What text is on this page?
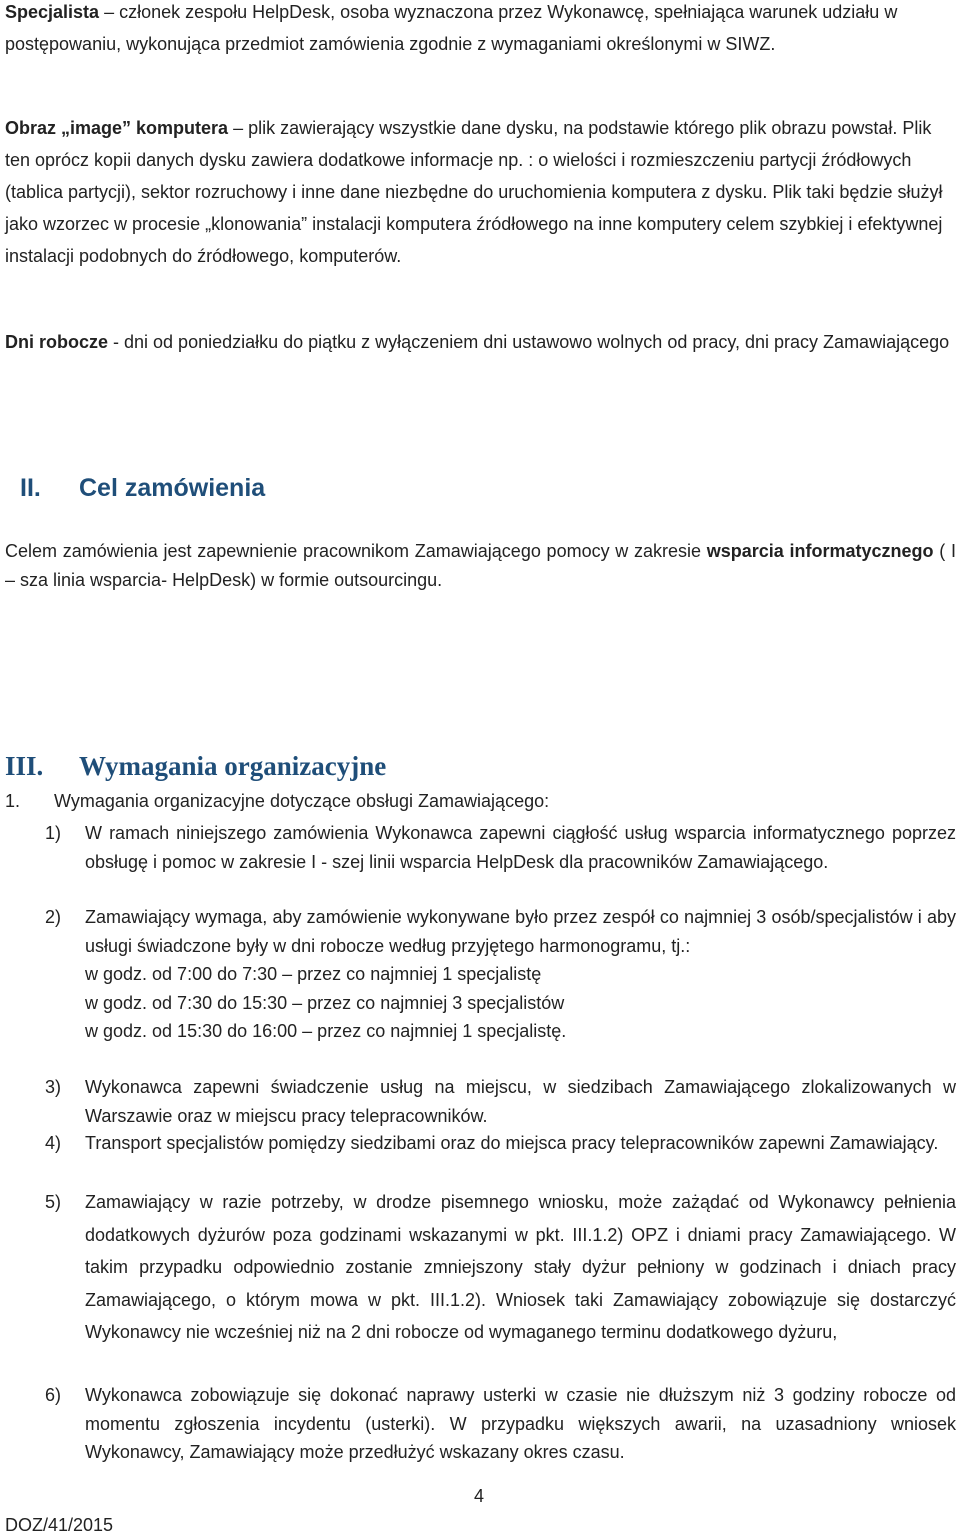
Specjalista – członek zespołu HelpDesk, osoba wyznaczona przez Wykonawcę, spełniająca warunek udziału w postępowaniu, wykonująca przedmiot zamówienia zgodnie z wymaganiami określonymi w SIWZ.
Obraz „image” komputera – plik zawierający wszystkie dane dysku, na podstawie którego plik obrazu powstał. Plik ten oprócz kopii danych dysku zawiera dodatkowe informacje np. : o wielości i rozmieszczeniu partycji źródłowych (tablica partycji), sektor rozruchowy i inne dane niezbędne do uruchomienia komputera z dysku. Plik taki będzie służył jako wzorzec w procesie „klonowania” instalacji komputera źródłowego na inne komputery celem szybkiej i efektywnej instalacji podobnych do źródłowego, komputerów.
Dni robocze - dni od poniedziałku do piątku z wyłączeniem dni ustawowo wolnych od pracy, dni pracy Zamawiającego
II. Cel zamówienia
Celem zamówienia jest zapewnienie pracownikom Zamawiającego pomocy w zakresie wsparcia informatycznego ( I – sza linia wsparcia- HelpDesk) w formie outsourcingu.
III. Wymagania organizacyjne
1. Wymagania organizacyjne dotyczące obsługi Zamawiającego:
1) W ramach niniejszego zamówienia Wykonawca zapewni ciągłość usług wsparcia informatycznego poprzez obsługę i pomoc w zakresie I - szej linii wsparcia HelpDesk dla pracowników Zamawiającego.
2) Zamawiający wymaga, aby zamówienie wykonywane było przez zespół co najmniej 3 osób/specjalistów i aby usługi świadczone były w dni robocze według przyjętego harmonogramu, tj.:
w godz. od 7:00 do 7:30 – przez co najmniej 1 specjalistę
w godz. od 7:30 do 15:30 – przez co najmniej 3 specjalistów
w godz. od 15:30 do 16:00 – przez co najmniej 1 specjalistę.
3) Wykonawca zapewni świadczenie usług na miejscu, w siedzibach Zamawiającego zlokalizowanych w Warszawie oraz w miejscu pracy telepracowników.
4) Transport specjalistów pomiędzy siedzibami oraz do miejsca pracy telepracowników zapewni Zamawiający.
5) Zamawiający w razie potrzeby, w drodze pisemnego wniosku, może zażądać od Wykonawcy pełnienia dodatkowych dyżurów poza godzinami wskazanymi w pkt. III.1.2) OPZ i dniami pracy Zamawiającego. W takim przypadku odpowiednio zostanie zmniejszony stały dyżur pełniony w godzinach i dniach pracy Zamawiającego, o którym mowa w pkt. III.1.2). Wniosek taki Zamawiający zobowiązuje się dostarczyć Wykonawcy nie wcześniej niż na 2 dni robocze od wymaganego terminu dodatkowego dyżuru,
6) Wykonawca zobowiązuje się dokonać naprawy usterki w czasie nie dłuższym niż 3 godziny robocze od momentu zgłoszenia incydentu (usterki). W przypadku większych awarii, na uzasadniony wniosek Wykonawcy, Zamawiający może przedłużyć wskazany okres czasu.
4
DOZ/41/2015
